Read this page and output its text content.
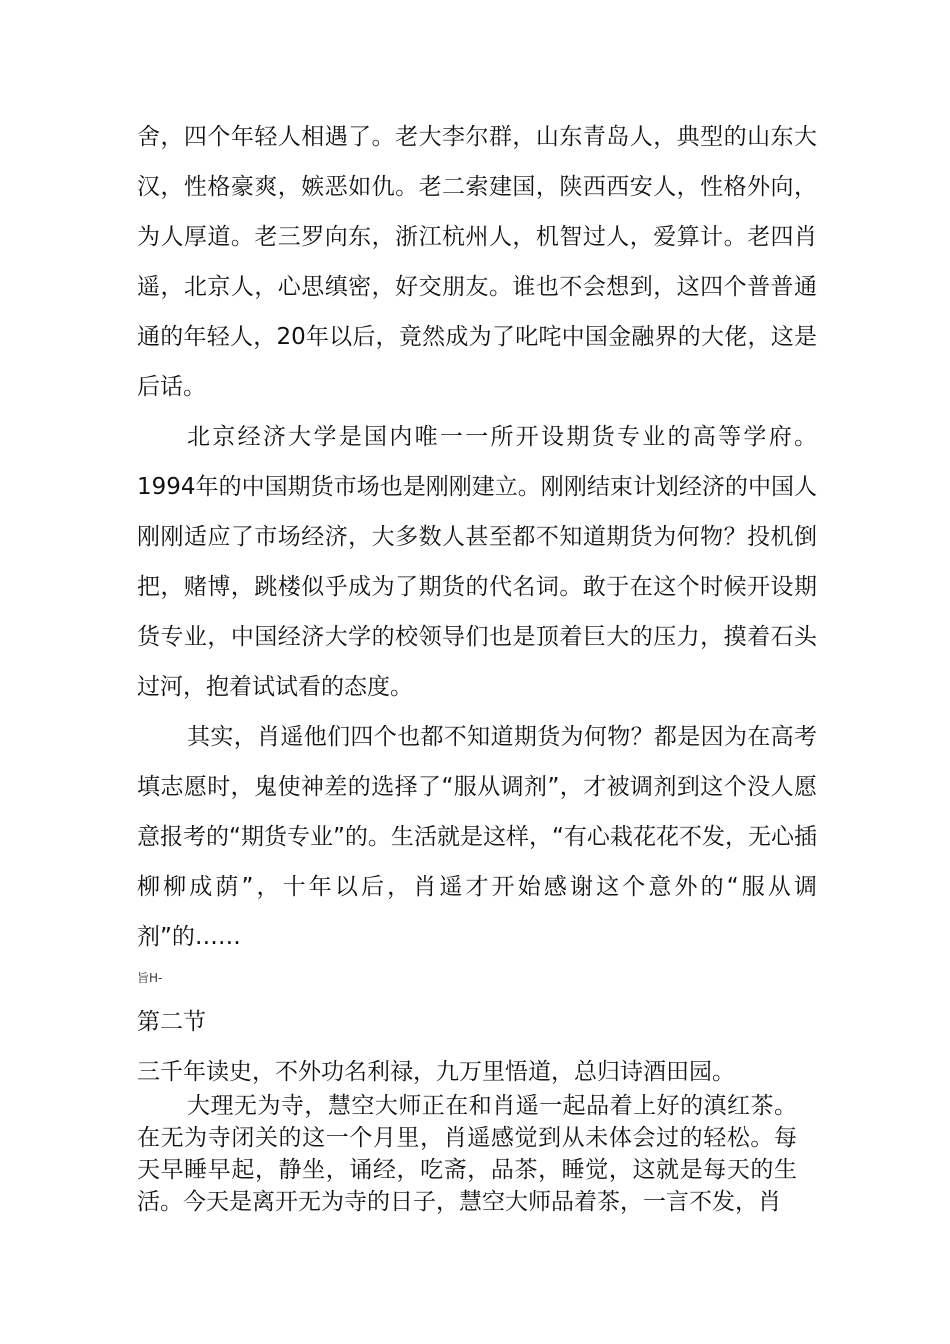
舍，四个年轻人相遇了。老大李尔群，山东青岛人，典型的山东大汉，性格豪爽，嫉恶如仇。老二索建国，陕西西安人，性格外向，为人厚道。老三罗向东，浙江杭州人，机智过人，爱算计。老四肖遥，北京人，心思缜密，好交朋友。谁也不会想到，这四个普普通通的年轻人，20年以后，竟然成为了叱咤中国金融界的大佬，这是后话。

北京经济大学是国内唯一一所开设期货专业的高等学府。1994年的中国期货市场也是刚刚建立。刚刚结束计划经济的中国人刚刚适应了市场经济，大多数人甚至都不知道期货为何物？投机倒把，赌博，跳楼似乎成为了期货的代名词。敢于在这个时候开设期货专业，中国经济大学的校领导们也是顶着巨大的压力，摸着石头过河，抱着试试看的态度。

其实，肖遥他们四个也都不知道期货为何物？都是因为在高考填志愿时，鬼使神差的选择了“服从调剂”，才被调剂到这个没人愿意报考的“期货专业”的。生活就是这样，“有心栽花花不发，无心插柳柳成荫”，十年以后，肖遥才开始感谢这个意外的“服从调剂”的……

旨H-
第二节

三千年读史，不外功名利禄，九万里悟道，总归诗酒田园。

大理无为寺，慧空大师正在和肖遥一起品着上好的滇红茶。在无为寺闭关的这一个月里，肖遥感觉到从未体会过的轻松。每天早睡早起，静坐，诵经，吃斋，品茶，睡觉，这就是每天的生活。今天是离开无为寺的日子，慧空大师品着茶，一言不发，肖
